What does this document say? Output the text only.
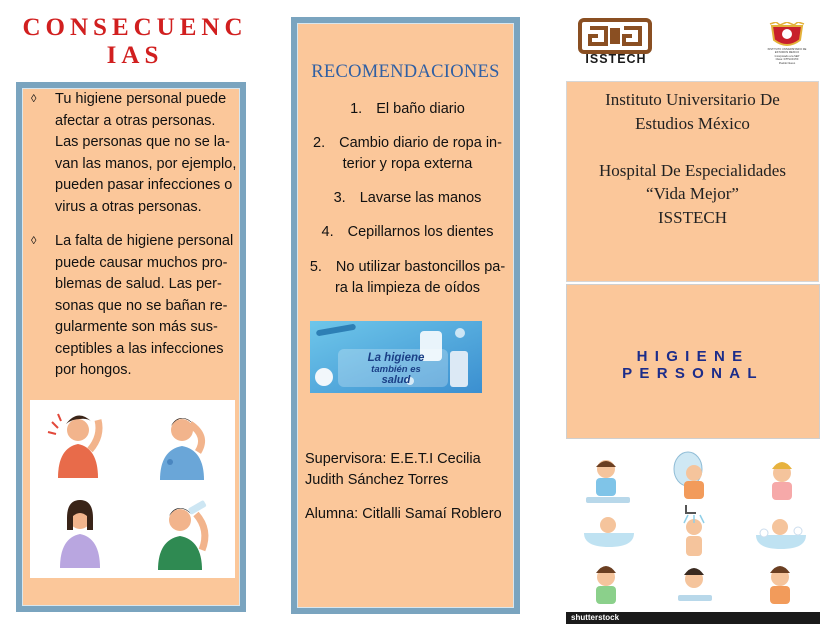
CONSECUENC
IAS
◊ Tu higiene personal puede
afectar a otras personas.
Las personas que no se la-
van las manos, por ejemplo,
pueden pasar infecciones o
virus a otras personas.
◊ La falta de higiene personal
puede causar muchos pro-
blemas de salud. Las per-
sonas que no se bañan re-
gularmente son más sus-
ceptibles a las infecciones
por hongos.
RECOMENDACIONES
1. El baño diario
2. Cambio diario de ropa in-
terior y ropa externa
3. Lavarse las manos
4. Cepillarnos los dientes
5. No utilizar bastoncillos pa-
ra la limpieza de oídos
La higiene
también es
salud
Supervisora: E.E.T.I Cecilia
Judith Sánchez Torres
Alumna: Citlalli Samaí Roblero
ISSTECH
INSTITUTO UNIVERSITARIO DE
ESTUDIOS MEXICO
Incorporado a la SEP
Clave: 07PSU0170I
Pueblo Nuevo
Instituto Universitario De
Estudios México
Hospital De Especialidades
“Vida Mejor”
ISSTECH
HIGIENE PERSONAL
shutterstock
